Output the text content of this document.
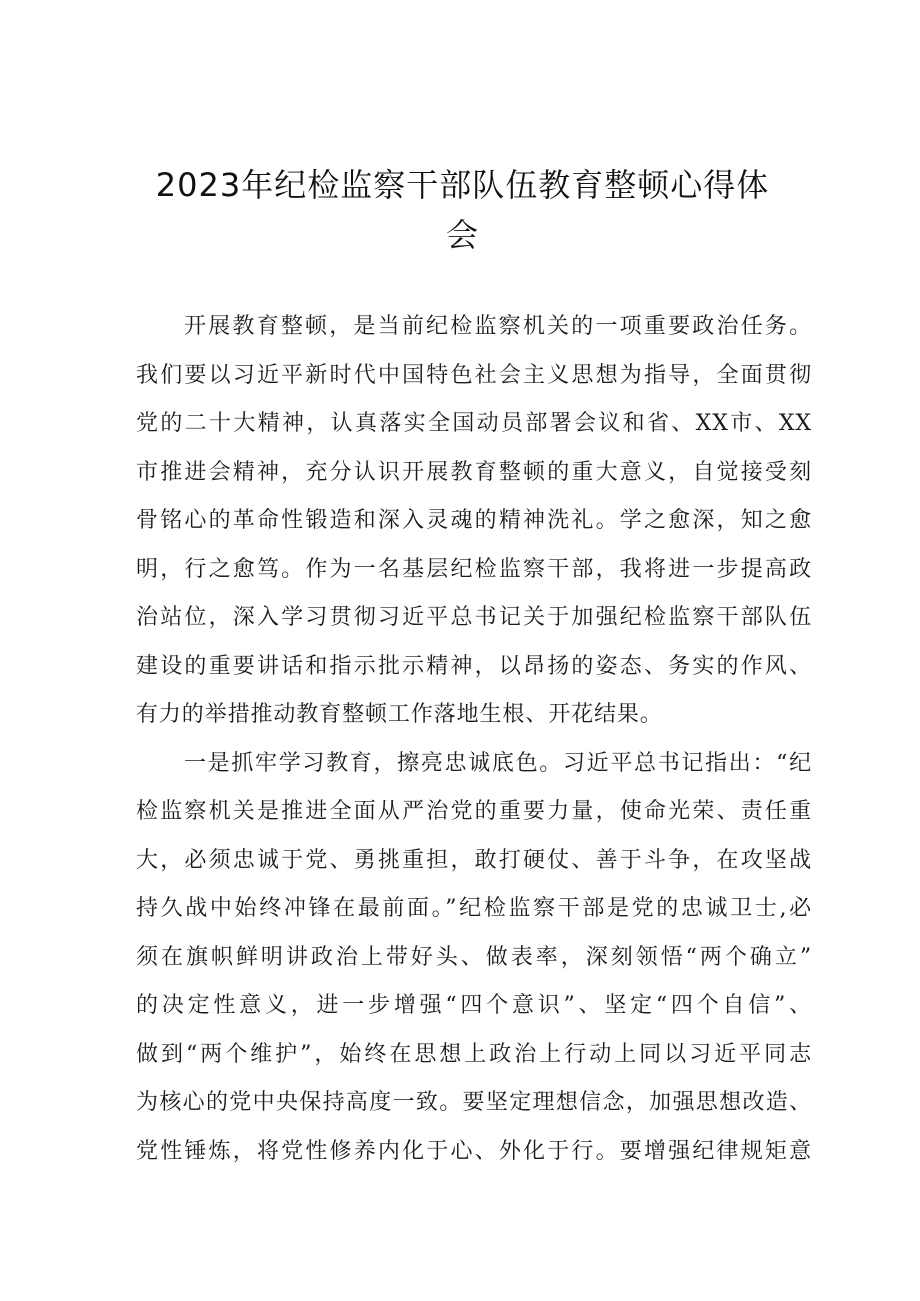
2023年纪检监察干部队伍教育整顿心得体
会
开展教育整顿，是当前纪检监察机关的一项重要政治任务。
我们要以习近平新时代中国特色社会主义思想为指导，全面贯彻
党的二十大精神，认真落实全国动员部署会议和省、XX市、XX
市推进会精神，充分认识开展教育整顿的重大意义，自觉接受刻
骨铭心的革命性锻造和深入灵魂的精神洗礼。学之愈深，知之愈
明，行之愈笃。作为一名基层纪检监察干部，我将进一步提高政
治站位，深入学习贯彻习近平总书记关于加强纪检监察干部队伍
建设的重要讲话和指示批示精神，以昂扬的姿态、务实的作风、
有力的举措推动教育整顿工作落地生根、开花结果。
一是抓牢学习教育，擦亮忠诚底色。习近平总书记指出：“纪
检监察机关是推进全面从严治党的重要力量，使命光荣、责任重
大，必须忠诚于党、勇挑重担，敢打硬仗、善于斗争，在攻坚战
持久战中始终冲锋在最前面。”纪检监察干部是党的忠诚卫士,必
须在旗帜鲜明讲政治上带好头、做表率，深刻领悟“两个确立”
的决定性意义，进一步增强“四个意识”、坚定“四个自信”、
做到“两个维护”，始终在思想上政治上行动上同以习近平同志
为核心的党中央保持高度一致。要坚定理想信念，加强思想改造、
党性锤炼，将党性修养内化于心、外化于行。要增强纪律规矩意
